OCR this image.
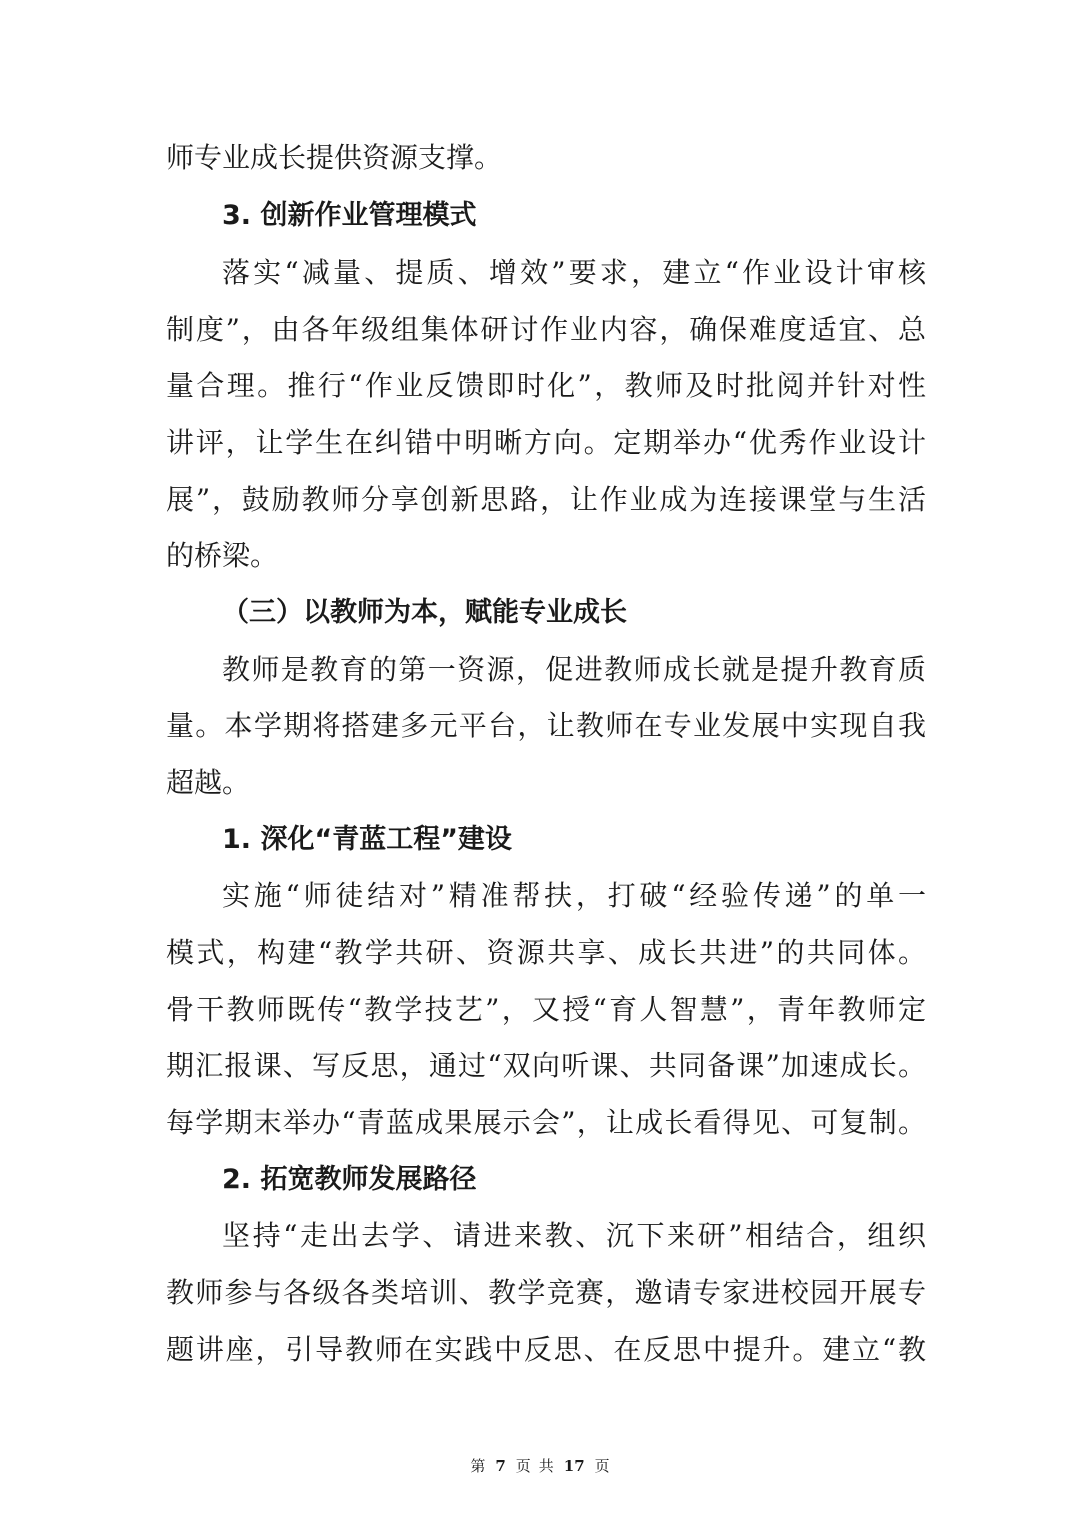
师专业成长提供资源支撑。
3. 创新作业管理模式
落实“减量、提质、增效”要求，建立“作业设计审核
制度”，由各年级组集体研讨作业内容，确保难度适宜、总
量合理。推行“作业反馈即时化”，教师及时批阅并针对性
讲评，让学生在纠错中明晰方向。定期举办“优秀作业设计
展”，鼓励教师分享创新思路，让作业成为连接课堂与生活
的桥梁。
（三）以教师为本，赋能专业成长
教师是教育的第一资源，促进教师成长就是提升教育质
量。本学期将搭建多元平台，让教师在专业发展中实现自我
超越。
1. 深化“青蓝工程”建设
实施“师徒结对”精准帮扶，打破“经验传递”的单一
模式，构建“教学共研、资源共享、成长共进”的共同体。
骨干教师既传“教学技艺”，又授“育人智慧”，青年教师定
期汇报课、写反思，通过“双向听课、共同备课”加速成长。
每学期末举办“青蓝成果展示会”，让成长看得见、可复制。
2. 拓宽教师发展路径
坚持“走出去学、请进来教、沉下来研”相结合，组织
教师参与各级各类培训、教学竞赛，邀请专家进校园开展专
题讲座，引导教师在实践中反思、在反思中提升。建立“教
第 7 页 共 17 页
